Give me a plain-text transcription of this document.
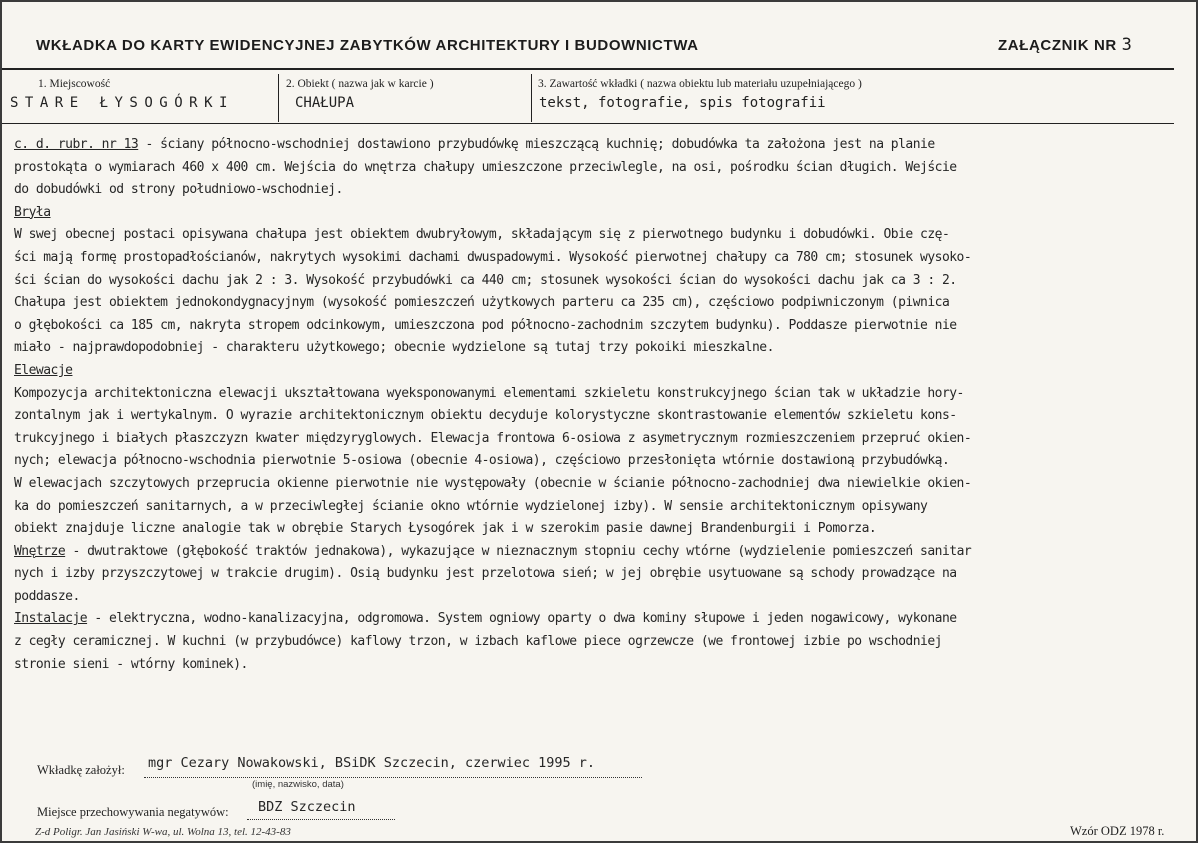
WKŁADKA DO KARTY EWIDENCYJNEJ ZABYTKÓW ARCHITEKTURY I BUDOWNICTWA	ZAŁĄCZNIK NR 3
1. Miejscowość
STARE ŁYSOGÓRKI
2. Obiekt ( nazwa jak w karcie )
CHAŁUPA
3. Zawartość wkładki ( nazwa obiektu lub materiału uzupełniającego )
tekst, fotografie, spis fotografii

c. d. rubr. nr 13 - ściany północno-wschodniej dostawiono przybudówkę mieszczącą kuchnię; dobudówka ta założona jest na planie

prostokąta o wymiarach 460 x 400 cm. Wejścia do wnętrza chałupy umieszczone przeciwlegle, na osi, pośrodku ścian długich. Wejście

do dobudówki od strony południowo-wschodniej.

Bryła

W swej obecnej postaci opisywana chałupa jest obiektem dwubryłowym, składającym się z pierwotnego budynku i dobudówki. Obie czę-

ści mają formę prostopadłościanów, nakrytych wysokimi dachami dwuspadowymi. Wysokość pierwotnej chałupy ca 780 cm; stosunek wysoko-

ści ścian do wysokości dachu jak 2 : 3. Wysokość przybudówki ca 440 cm; stosunek wysokości ścian do wysokości dachu jak ca 3 : 2.

Chałupa jest obiektem jednokondygnacyjnym (wysokość pomieszczeń użytkowych parteru ca 235 cm), częściowo podpiwniczonym (piwnica

o głębokości ca 185 cm, nakryta stropem odcinkowym, umieszczona pod północno-zachodnim szczytem budynku). Poddasze pierwotnie nie

miało - najprawdopodobniej - charakteru użytkowego; obecnie wydzielone są tutaj trzy pokoiki mieszkalne.

Elewacje

Kompozycja architektoniczna elewacji ukształtowana wyeksponowanymi elementami szkieletu konstrukcyjnego ścian tak w układzie hory-

zontalnym jak i wertykalnym. O wyrazie architektonicznym obiektu decyduje kolorystyczne skontrastowanie elementów szkieletu kons-

trukcyjnego i białych płaszczyzn kwater międzyryglowych. Elewacja frontowa 6-osiowa z asymetrycznym rozmieszczeniem przepruć okien-

nych; elewacja północno-wschodnia pierwotnie 5-osiowa (obecnie 4-osiowa), częściowo przesłonięta wtórnie dostawioną przybudówką.

W elewacjach szczytowych przeprucia okienne pierwotnie nie występowały (obecnie w ścianie północno-zachodniej dwa niewielkie okien-

ka do pomieszczeń sanitarnych, a w przeciwległej ścianie okno wtórnie wydzielonej izby). W sensie architektonicznym opisywany

obiekt znajduje liczne analogie tak w obrębie Starych Łysogórek jak i w szerokim pasie dawnej Brandenburgii i Pomorza.

Wnętrze - dwutraktowe (głębokość traktów jednakowa), wykazujące w nieznacznym stopniu cechy wtórne (wydzielenie pomieszczeń sanitar

nych i izby przyszczytowej w trakcie drugim). Osią budynku jest przelotowa sień; w jej obrębie usytuowane są schody prowadzące na

poddasze.

Instalacje - elektryczna, wodno-kanalizacyjna, odgromowa. System ogniowy oparty o dwa kominy słupowe i jeden nogawicowy, wykonane

z cegły ceramicznej. W kuchni (w przybudówce) kaflowy trzon, w izbach kaflowe piece ogrzewcze (we frontowej izbie po wschodniej

stronie sieni - wtórny kominek).

Wkładkę założył: mgr Cezary Nowakowski, BSiDK Szczecin, czerwiec 1995 r.
(imię, nazwisko, data)
Miejsce przechowywania negatywów: BDZ Szczecin
Z-d Poligr. Jan Jasiński W-wa, ul. Wolna 13, tel. 12-43-83	Wzór ODZ 1978 r.
